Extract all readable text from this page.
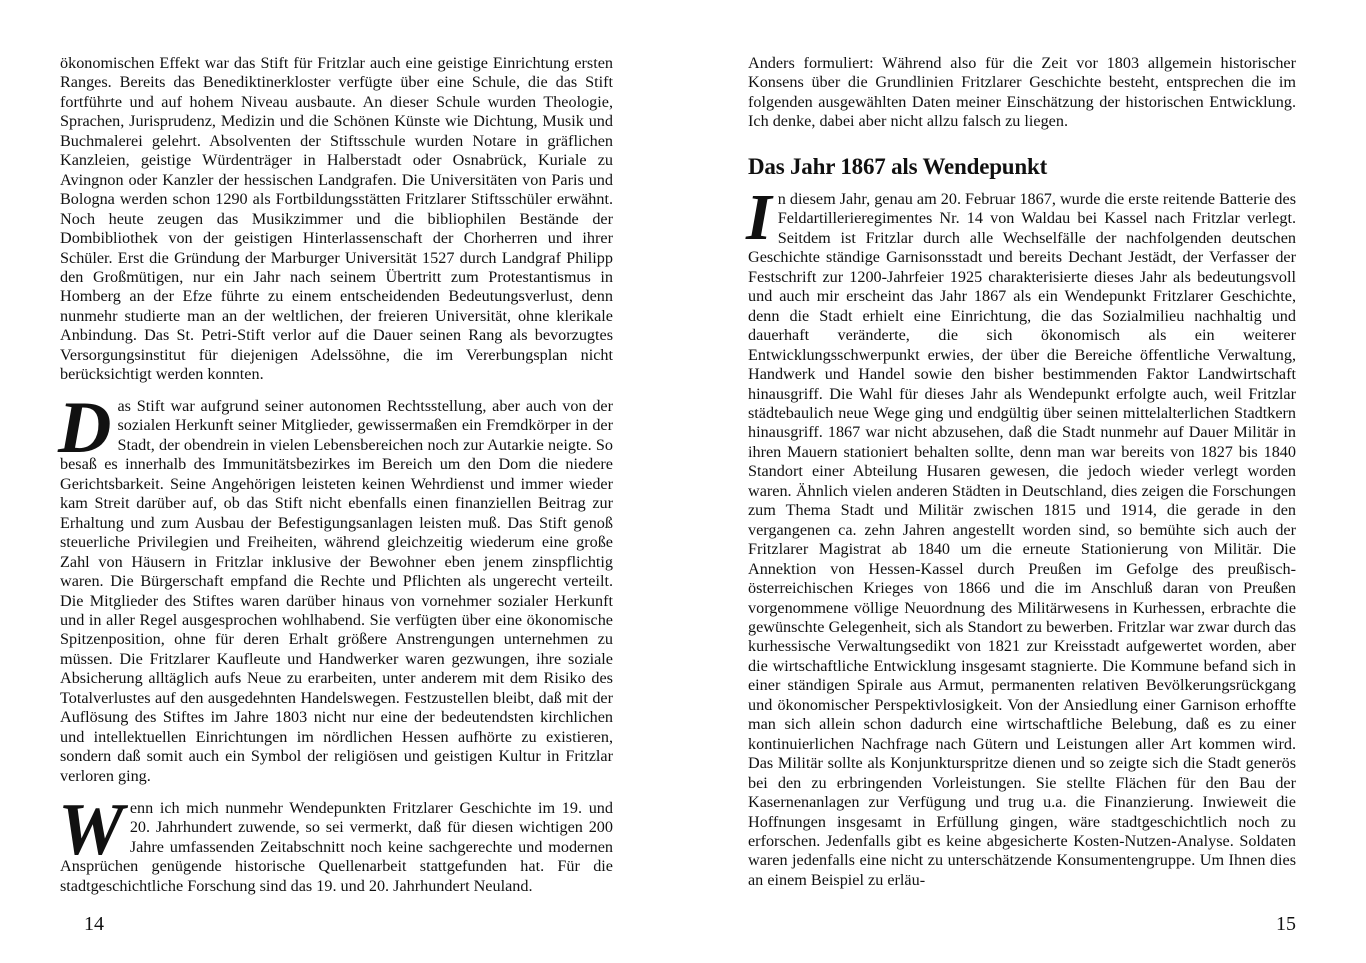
ökonomischen Effekt war das Stift für Fritzlar auch eine geistige Einrichtung ersten Ranges. Bereits das Benediktinerkloster verfügte über eine Schule, die das Stift fortführte und auf hohem Niveau ausbaute. An dieser Schule wurden Theologie, Sprachen, Jurisprudenz, Medizin und die Schönen Künste wie Dichtung, Musik und Buchmalerei gelehrt. Absolventen der Stiftsschule wurden Notare in gräflichen Kanzleien, geistige Würdenträger in Halberstadt oder Osnabrück, Kuriale zu Avingnon oder Kanzler der hessischen Landgrafen. Die Universitäten von Paris und Bologna werden schon 1290 als Fortbildungsstätten Fritzlarer Stiftsschüler erwähnt. Noch heute zeugen das Musikzimmer und die bibliophilen Bestände der Dombibliothek von der geistigen Hinterlassenschaft der Chorherren und ihrer Schüler. Erst die Gründung der Marburger Universität 1527 durch Landgraf Philipp den Großmütigen, nur ein Jahr nach seinem Übertritt zum Protestantismus in Homberg an der Efze führte zu einem entscheidenden Bedeutungsverlust, denn nunmehr studierte man an der weltlichen, der freieren Universität, ohne klerikale Anbindung. Das St. Petri-Stift verlor auf die Dauer seinen Rang als bevorzugtes Versorgungsinstitut für diejenigen Adelssöhne, die im Vererbungsplan nicht berücksichtigt werden konnten.

Das Stift war aufgrund seiner autonomen Rechtsstellung, aber auch von der sozialen Herkunft seiner Mitglieder, gewissermaßen ein Fremdkörper in der Stadt, der obendrein in vielen Lebensbereichen noch zur Autarkie neigte. So besaß es innerhalb des Immunitätsbezirkes im Bereich um den Dom die niedere Gerichtsbarkeit. Seine Angehörigen leisteten keinen Wehrdienst und immer wieder kam Streit darüber auf, ob das Stift nicht ebenfalls einen finanziellen Beitrag zur Erhaltung und zum Ausbau der Befestigungsanlagen leisten muß. Das Stift genoß steuerliche Privilegien und Freiheiten, während gleichzeitig wiederum eine große Zahl von Häusern in Fritzlar inklusive der Bewohner eben jenem zinspflichtig waren. Die Bürgerschaft empfand die Rechte und Pflichten als ungerecht verteilt. Die Mitglieder des Stiftes waren darüber hinaus von vornehmer sozialer Herkunft und in aller Regel ausgesprochen wohlhabend. Sie verfügten über eine ökonomische Spitzenposition, ohne für deren Erhalt größere Anstrengungen unternehmen zu müssen. Die Fritzlarer Kaufleute und Handwerker waren gezwungen, ihre soziale Absicherung alltäglich aufs Neue zu erarbeiten, unter anderem mit dem Risiko des Totalverlustes auf den ausgedehnten Handelswegen. Festzustellen bleibt, daß mit der Auflösung des Stiftes im Jahre 1803 nicht nur eine der bedeutendsten kirchlichen und intellektuellen Einrichtungen im nördlichen Hessen aufhörte zu existieren, sondern daß somit auch ein Symbol der religiösen und geistigen Kultur in Fritzlar verloren ging.

Wenn ich mich nunmehr Wendepunkten Fritzlarer Geschichte im 19. und 20. Jahrhundert zuwende, so sei vermerkt, daß für diesen wichtigen 200 Jahre umfassenden Zeitabschnitt noch keine sachgerechte und modernen Ansprüchen genügende historische Quellenarbeit stattgefunden hat. Für die stadtgeschichtliche Forschung sind das 19. und 20. Jahrhundert Neuland.

14

Anders formuliert: Während also für die Zeit vor 1803 allgemein historischer Konsens über die Grundlinien Fritzlarer Geschichte besteht, entsprechen die im folgenden ausgewählten Daten meiner Einschätzung der historischen Entwicklung. Ich denke, dabei aber nicht allzu falsch zu liegen.

Das Jahr 1867 als Wendepunkt

In diesem Jahr, genau am 20. Februar 1867, wurde die erste reitende Batterie des Feldartillerieregimentes Nr. 14 von Waldau bei Kassel nach Fritzlar verlegt. Seitdem ist Fritzlar durch alle Wechselfälle der nachfolgenden deutschen Geschichte ständige Garnisonsstadt und bereits Dechant Jestädt, der Verfasser der Festschrift zur 1200-Jahrfeier 1925 charakterisierte dieses Jahr als bedeutungsvoll und auch mir erscheint das Jahr 1867 als ein Wendepunkt Fritzlarer Geschichte, denn die Stadt erhielt eine Einrichtung, die das Sozialmilieu nachhaltig und dauerhaft veränderte, die sich ökonomisch als ein weiterer Entwicklungsschwerpunkt erwies, der über die Bereiche öffentliche Verwaltung, Handwerk und Handel sowie den bisher bestimmenden Faktor Landwirtschaft hinausgriff. Die Wahl für dieses Jahr als Wendepunkt erfolgte auch, weil Fritzlar städtebaulich neue Wege ging und endgültig über seinen mittelalterlichen Stadtkern hinausgriff. 1867 war nicht abzusehen, daß die Stadt nunmehr auf Dauer Militär in ihren Mauern stationiert behalten sollte, denn man war bereits von 1827 bis 1840 Standort einer Abteilung Husaren gewesen, die jedoch wieder verlegt worden waren. Ähnlich vielen anderen Städten in Deutschland, dies zeigen die Forschungen zum Thema Stadt und Militär zwischen 1815 und 1914, die gerade in den vergangenen ca. zehn Jahren angestellt worden sind, so bemühte sich auch der Fritzlarer Magistrat ab 1840 um die erneute Stationierung von Militär. Die Annektion von Hessen-Kassel durch Preußen im Gefolge des preußisch-österreichischen Krieges von 1866 und die im Anschluß daran von Preußen vorgenommene völlige Neuordnung des Militärwesens in Kurhessen, erbrachte die gewünschte Gelegenheit, sich als Standort zu bewerben. Fritzlar war zwar durch das kurhessische Verwaltungsedikt von 1821 zur Kreisstadt aufgewertet worden, aber die wirtschaftliche Entwicklung insgesamt stagnierte. Die Kommune befand sich in einer ständigen Spirale aus Armut, permanenten relativen Bevölkerungsrückgang und ökonomischer Perspektivlosigkeit. Von der Ansiedlung einer Garnison erhoffte man sich allein schon dadurch eine wirtschaftliche Belebung, daß es zu einer kontinuierlichen Nachfrage nach Gütern und Leistungen aller Art kommen wird. Das Militär sollte als Konjunkturspritze dienen und so zeigte sich die Stadt generös bei den zu erbringenden Vorleistungen. Sie stellte Flächen für den Bau der Kasernenanlagen zur Verfügung und trug u.a. die Finanzierung. Inwieweit die Hoffnungen insgesamt in Erfüllung gingen, wäre stadtgeschichtlich noch zu erforschen. Jedenfalls gibt es keine abgesicherte Kosten-Nutzen-Analyse. Soldaten waren jedenfalls eine nicht zu unterschätzende Konsumentengruppe. Um Ihnen dies an einem Beispiel zu erläu-

15
